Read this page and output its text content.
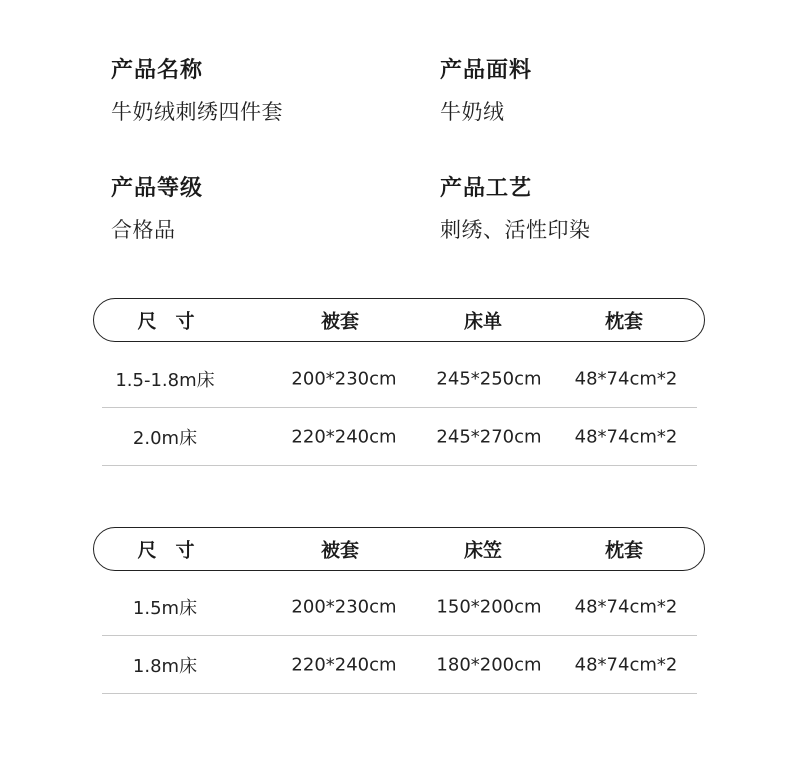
产品名称
牛奶绒刺绣四件套
产品面料
牛奶绒
产品等级
合格品
产品工艺
刺绣、活性印染
尺　寸	被套	床单	枕套
1.5-1.8m床	200*230cm 245*250cm 48*74cm*2
2.0m床	220*240cm 245*270cm 48*74cm*2
尺　寸	被套	床笠	枕套
1.5m床	200*230cm 150*200cm 48*74cm*2
1.8m床	220*240cm 180*200cm 48*74cm*2
